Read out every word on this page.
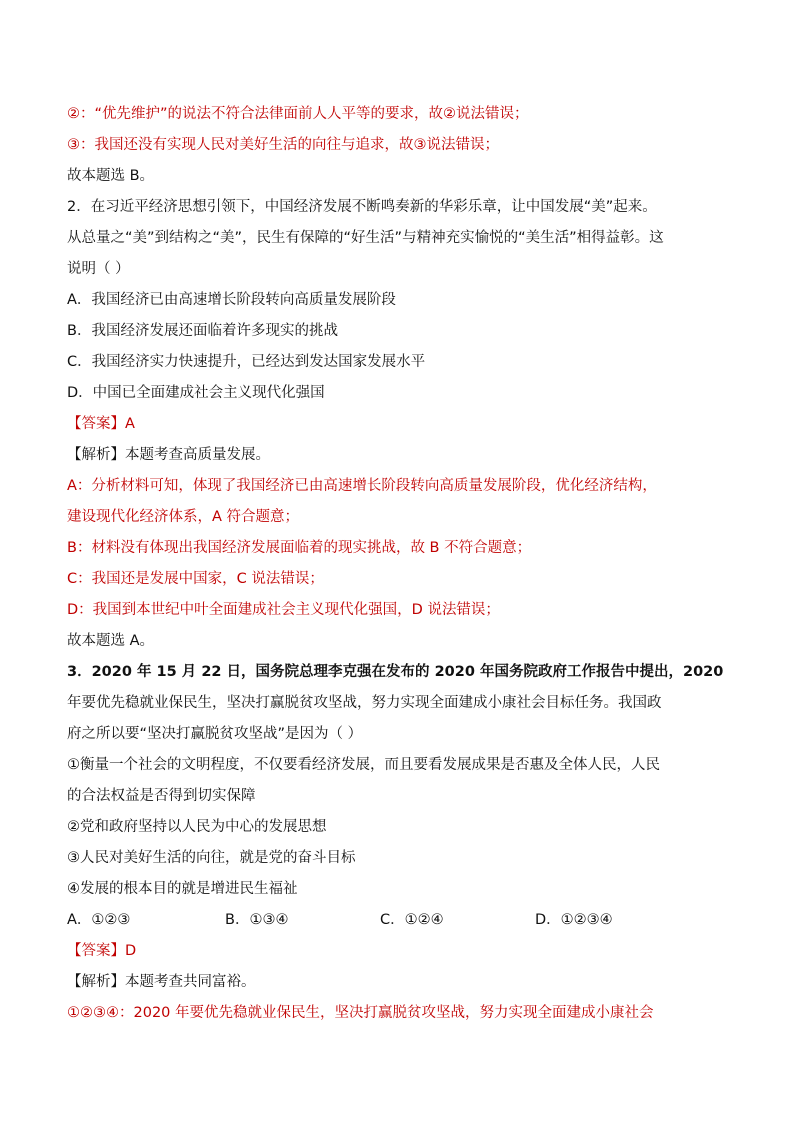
②：“优先维护”的说法不符合法律面前人人平等的要求，故②说法错误；
③：我国还没有实现人民对美好生活的向往与追求，故③说法错误；
故本题选 B。
2．在习近平经济思想引领下，中国经济发展不断鸣奏新的华彩乐章，让中国发展“美”起来。
从总量之“美”到结构之“美”，民生有保障的“好生活”与精神充实愉悦的“美生活”相得益彰。这
说明（ ）
A．我国经济已由高速增长阶段转向高质量发展阶段
B．我国经济发展还面临着许多现实的挑战
C．我国经济实力快速提升，已经达到发达国家发展水平
D．中国已全面建成社会主义现代化强国
【答案】A
【解析】本题考查高质量发展。
A：分析材料可知，体现了我国经济已由高速增长阶段转向高质量发展阶段，优化经济结构，
建设现代化经济体系，A 符合题意；
B：材料没有体现出我国经济发展面临着的现实挑战，故 B 不符合题意；
C：我国还是发展中国家，C 说法错误；
D：我国到本世纪中叶全面建成社会主义现代化强国，D 说法错误；
故本题选 A。
3．2020 年 15 月 22 日，国务院总理李克强在发布的 2020 年国务院政府工作报告中提出，2020
年要优先稳就业保民生，坚决打赢脱贫攻坚战，努力实现全面建成小康社会目标任务。我国政
府之所以要“坚决打赢脱贫攻坚战”是因为（ ）
①衡量一个社会的文明程度，不仅要看经济发展，而且要看发展成果是否惠及全体人民，人民
的合法权益是否得到切实保障
②党和政府坚持以人民为中心的发展思想
③人民对美好生活的向往，就是党的奋斗目标
④发展的根本目的就是增进民生福祉
A．①②③	B．①③④	C．①②④	D．①②③④
【答案】D
【解析】本题考查共同富裕。
①②③④：2020 年要优先稳就业保民生，坚决打赢脱贫攻坚战，努力实现全面建成小康社会
